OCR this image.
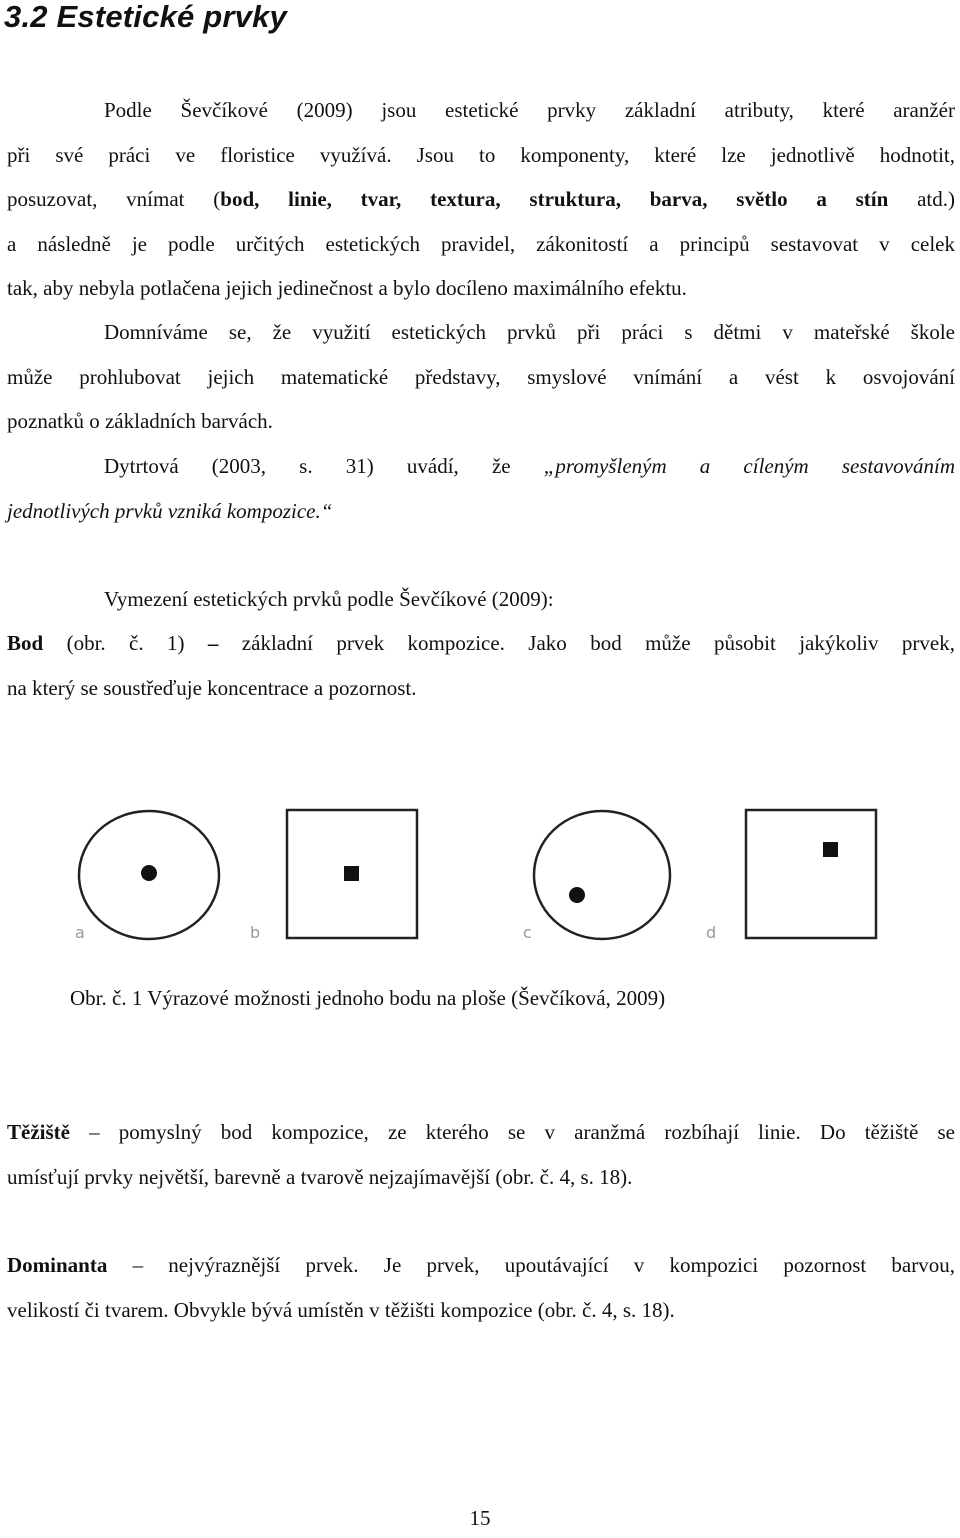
3.2 Estetické prvky
Podle Ševčíkové (2009) jsou estetické prvky základní atributy, které aranžér
při své práci ve floristice využívá. Jsou to komponenty, které lze jednotlivě hodnotit,
posuzovat, vnímat (bod, linie, tvar, textura, struktura, barva, světlo a stín atd.)
a následně je podle určitých estetických pravidel, zákonitostí a principů sestavovat v celek
tak, aby nebyla potlačena jejich jedinečnost a bylo docíleno maximálního efektu.
Domníváme se, že využití estetických prvků při práci s dětmi v mateřské škole
může prohlubovat jejich matematické představy, smyslové vnímání a vést k osvojování
poznatků o základních barvách.
Dytrtová (2003, s. 31) uvádí, že „promyšleným a cíleným sestavováním
jednotlivých prvků vzniká kompozice.“
Vymezení estetických prvků podle Ševčíkové (2009):
Bod (obr. č. 1) – základní prvek kompozice. Jako bod může působit jakýkoliv prvek,
na který se soustřeďuje koncentrace a pozornost.
a	b	c	d

Obr. č. 1 Výrazové možnosti jednoho bodu na ploše (Ševčíková, 2009)

Těžiště – pomyslný bod kompozice, ze kterého se v aranžmá rozbíhají linie. Do těžiště se
umísťují prvky největší, barevně a tvarově nejzajímavější (obr. č. 4, s. 18).
Dominanta – nejvýraznější prvek. Je prvek, upoutávající v kompozici pozornost barvou,
velikostí či tvarem. Obvykle bývá umístěn v těžišti kompozice (obr. č. 4, s. 18).
15
